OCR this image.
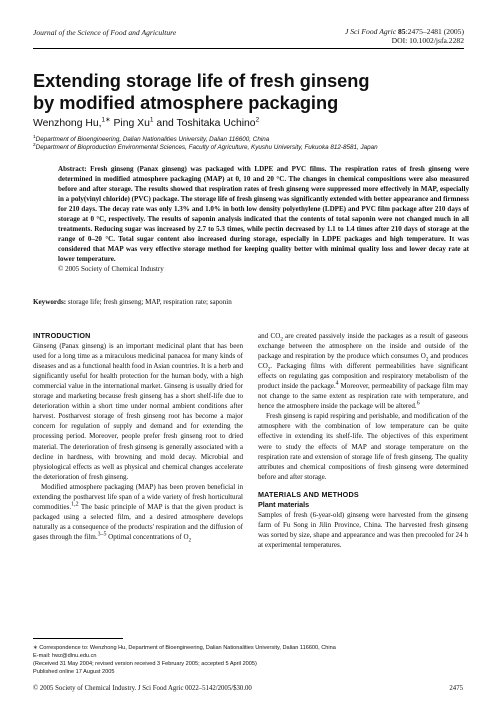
Journal of the Science of Food and Agriculture	J Sci Food Agric 85:2475–2481 (2005)
DOI: 10.1002/jsfa.2282
Extending storage life of fresh ginseng
by modified atmosphere packaging
Wenzhong Hu,$^{1∗}$ Ping Xu$^1$ and Toshitaka Uchino$^2$
$^1$Department of Bioengineering, Dalian Nationalities University, Dalian 116600, China
$^2$Department of Bioproduction Environmental Sciences, Faculty of Agriculture, Kyushu University, Fukuoka 812-8581, Japan
Abstract: Fresh ginseng (Panax ginseng) was packaged with LDPE and PVC films. The respiration rates of fresh ginseng were determined in modified atmosphere packaging (MAP) at 0, 10 and 20 °C. The changes in chemical compositions were also measured before and after storage. The results showed that respiration rates of fresh ginseng were suppressed more effectively in MAP, especially in a poly(vinyl chloride) (PVC) package. The storage life of fresh ginseng was significantly extended with better appearance and firmness for 210 days. The decay rate was only 1.3% and 1.0% in both low density polyethylene (LDPE) and PVC film package after 210 days of storage at 0 °C, respectively. The results of saponin analysis indicated that the contents of total saponin were not changed much in all treatments. Reducing sugar was increased by 2.7 to 5.3 times, while pectin decreased by 1.1 to 1.4 times after 210 days of storage at the range of 0–20 °C. Total sugar content also increased during storage, especially in LDPE packages and high temperature. It was considered that MAP was very effective storage method for keeping quality better with minimal quality loss and lower decay rate at lower temperature.
© 2005 Society of Chemical Industry
Keywords: storage life; fresh ginseng; MAP, respiration rate; saponin
INTRODUCTION

Ginseng (Panax ginseng) is an important medicinal plant that has been used for a long time as a miraculous medicinal panacea for many kinds of diseases and as a functional health food in Asian countries. It is a herb and significantly useful for health protection for the human body, with a high commercial value in the international market. Ginseng is usually dried for storage and marketing because fresh ginseng has a short shelf-life due to deterioration within a short time under normal ambient conditions after harvest. Postharvest storage of fresh ginseng root has become a major concern for regulation of supply and demand and for extending the processing period. Moreover, people prefer fresh ginseng root to dried material. The deterioration of fresh ginseng is generally associated with a decline in hardness, with browning and mold decay. Microbial and physiological effects as well as physical and chemical changes accelerate the deterioration of fresh ginseng.

Modified atmosphere packaging (MAP) has been proven beneficial in extending the postharvest life span of a wide variety of fresh horticultural commodities.$^{1,2}$ The basic principle of MAP is that the given product is packaged using a selected film, and a desired atmosphere develops naturally as a consequence of the products' respiration and the diffusion of gases through the film.$^{3-5}$ Optimal concentrations of $O_2$

and $CO_2$ are created passively inside the packages as a result of gaseous exchange between the atmosphere on the inside and outside of the package and respiration by the produce which consumes $O_2$ and produces $CO_2$. Packaging films with different permeabilities have significant effects on regulating gas composition and respiratory metabolism of the product inside the package.$^4$ Moreover, permeability of package film may not change to the same extent as respiration rate with temperature, and hence the atmosphere inside the package will be altered.$^6$

Fresh ginseng is rapid respiring and perishable, and modification of the atmosphere with the combination of low temperature can be quite effective in extending its shelf-life. The objectives of this experiment were to study the effects of MAP and storage temperature on the respiration rate and extension of storage life of fresh ginseng. The quality attributes and chemical compositions of fresh ginseng were determined before and after storage.

MATERIALS AND METHODS
Plant materials

Samples of fresh (6-year-old) ginseng were harvested from the ginseng farm of Fu Song in Jilin Province, China. The harvested fresh ginseng was sorted by size, shape and appearance and was then precooled for 24 h at experimental temperatures.

∗ Correspondence to: Wenzhong Hu, Department of Bioengineering, Dalian Nationalities University, Dalian 116600, China
E-mail: hwz@dlnu.edu.cn
(Received 31 May 2004; revised version received 3 February 2005; accepted 5 April 2005)
Published online 17 August 2005
© 2005 Society of Chemical Industry. J Sci Food Agric 0022–5142/2005/$30.00	2475
